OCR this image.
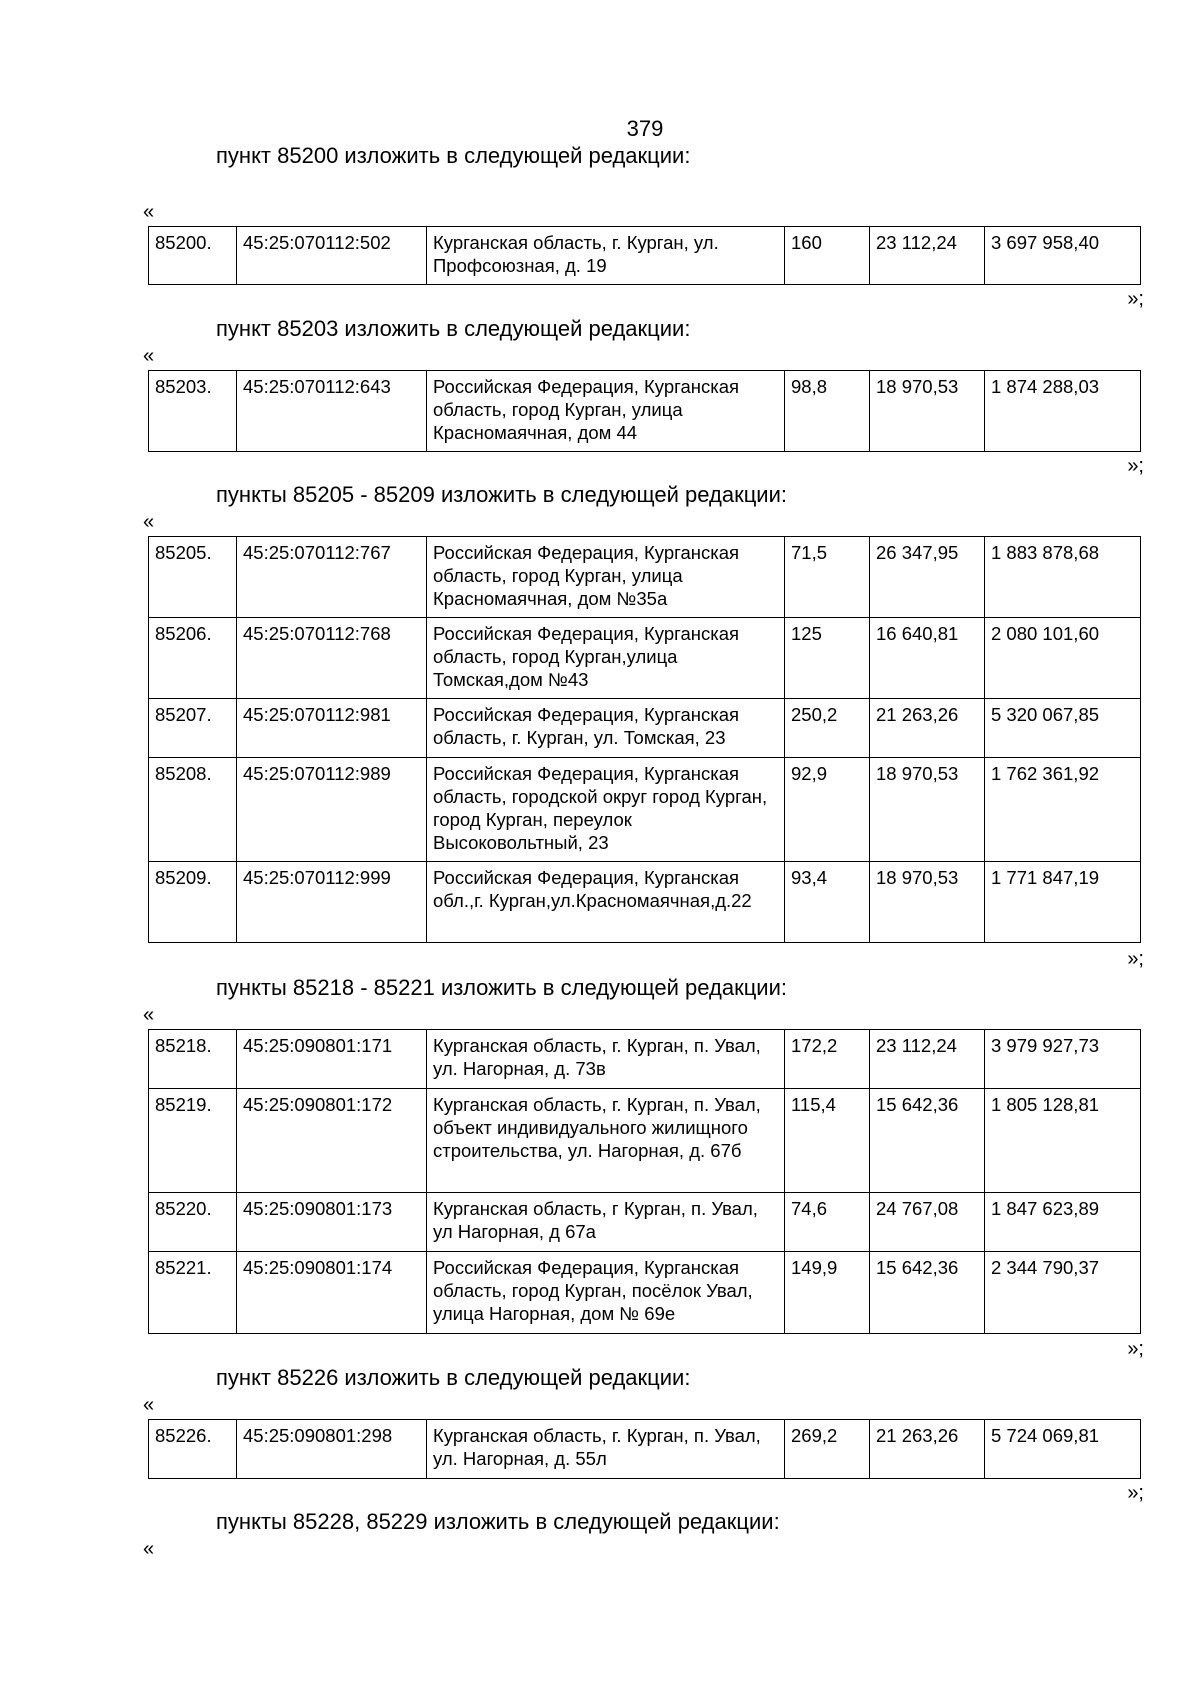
379
пункт 85200 изложить в следующей редакции:
«
85200.	45:25:070112:502	Курганская область, г. Курган, ул. Профсоюзная, д. 19	160	23 112,24	3 697 958,40
»;
пункт 85203 изложить в следующей редакции:
«
85203.	45:25:070112:643	Российская Федерация, Курганская область, город Курган, улица Красномаячная, дом 44	98,8	18 970,53	1 874 288,03
»;
пункты 85205 - 85209 изложить в следующей редакции:
«
85205.	45:25:070112:767	Российская Федерация, Курганская область, город Курган, улица Красномаячная, дом №35а	71,5	26 347,95	1 883 878,68
85206.	45:25:070112:768	Российская Федерация, Курганская область, город Курган,улица Томская,дом №43	125	16 640,81	2 080 101,60
85207.	45:25:070112:981	Российская Федерация, Курганская область, г. Курган, ул. Томская, 23	250,2	21 263,26	5 320 067,85
85208.	45:25:070112:989	Российская Федерация, Курганская область, городской округ город Курган, город Курган, переулок Высоковольтный, 23	92,9	18 970,53	1 762 361,92
85209.	45:25:070112:999	Российская Федерация, Курганская обл.,г. Курган,ул.Красномаячная,д.22	93,4	18 970,53	1 771 847,19
»;
пункты 85218 - 85221 изложить в следующей редакции:
«
85218.	45:25:090801:171	Курганская область, г. Курган, п. Увал, ул. Нагорная, д. 73в	172,2	23 112,24	3 979 927,73
85219.	45:25:090801:172	Курганская область, г. Курган, п. Увал, объект индивидуального жилищного строительства, ул. Нагорная, д. 67б	115,4	15 642,36	1 805 128,81
85220.	45:25:090801:173	Курганская область, г Курган, п. Увал, ул Нагорная, д 67а	74,6	24 767,08	1 847 623,89
85221.	45:25:090801:174	Российская Федерация, Курганская область, город Курган, посёлок Увал, улица Нагорная, дом № 69е	149,9	15 642,36	2 344 790,37
»;
пункт 85226 изложить в следующей редакции:
«
85226.	45:25:090801:298	Курганская область, г. Курган, п. Увал, ул. Нагорная, д. 55л	269,2	21 263,26	5 724 069,81
»;
пункты 85228, 85229 изложить в следующей редакции:
«
